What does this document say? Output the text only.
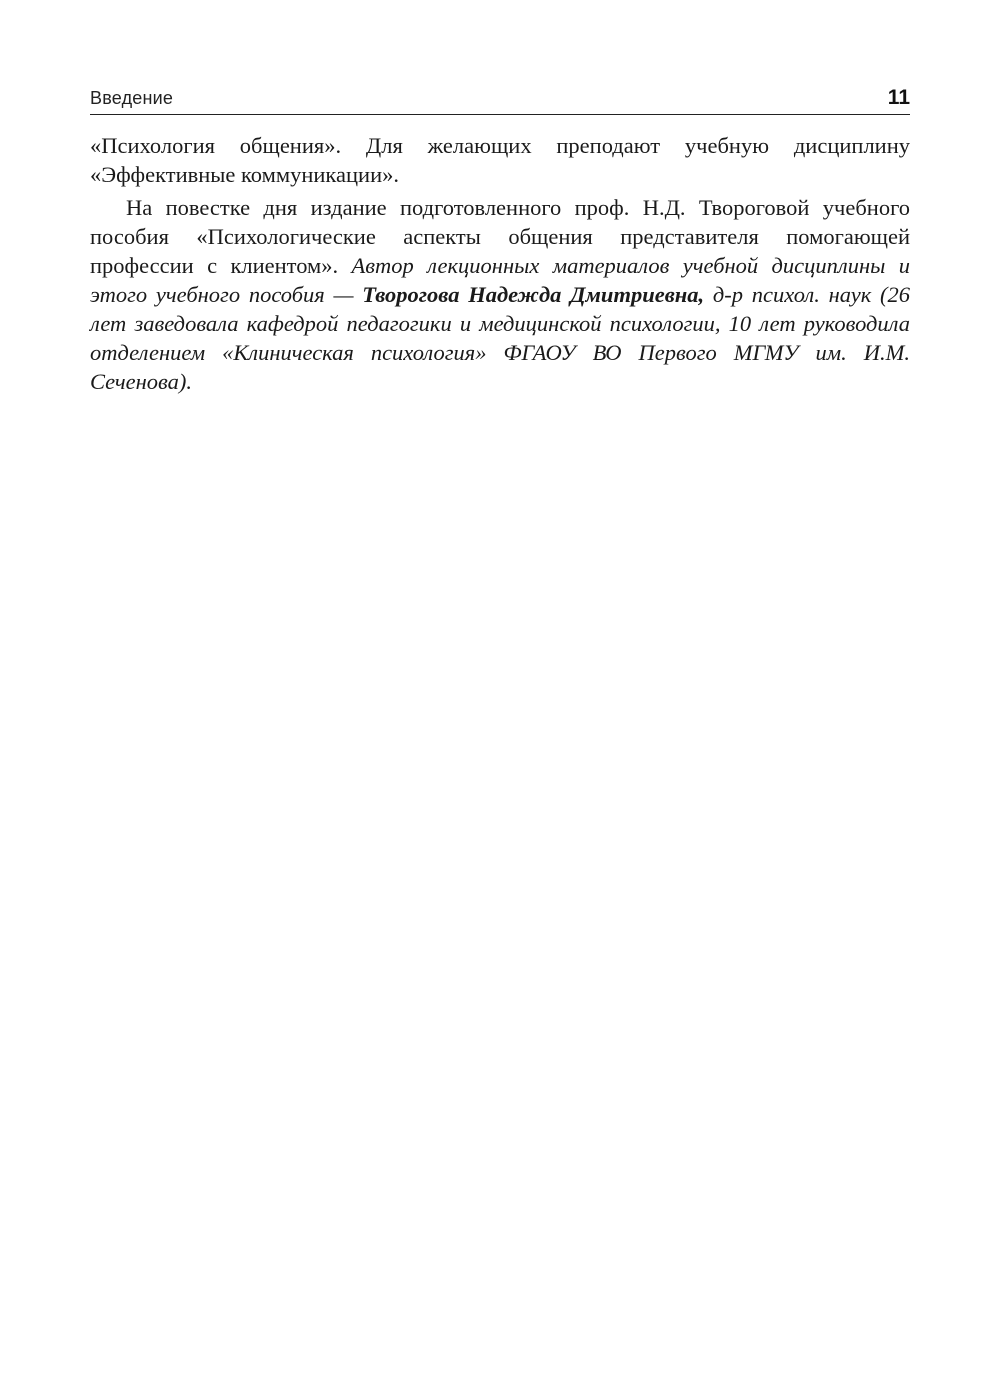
Введение	11

«Психология общения». Для желающих преподают учебную дисциплину «Эффективные коммуникации».

На повестке дня издание подготовленного проф. Н.Д. Твороговой учебного пособия «Психологические аспекты общения представителя помогающей профессии с клиентом». Автор лекционных материалов учебной дисциплины и этого учебного пособия — Творогова Надежда Дмитриевна, д-р психол. наук (26 лет заведовала кафедрой педагогики и медицинской психологии, 10 лет руководила отделением «Клиническая психология» ФГАОУ ВО Первого МГМУ им. И.М. Сеченова).
